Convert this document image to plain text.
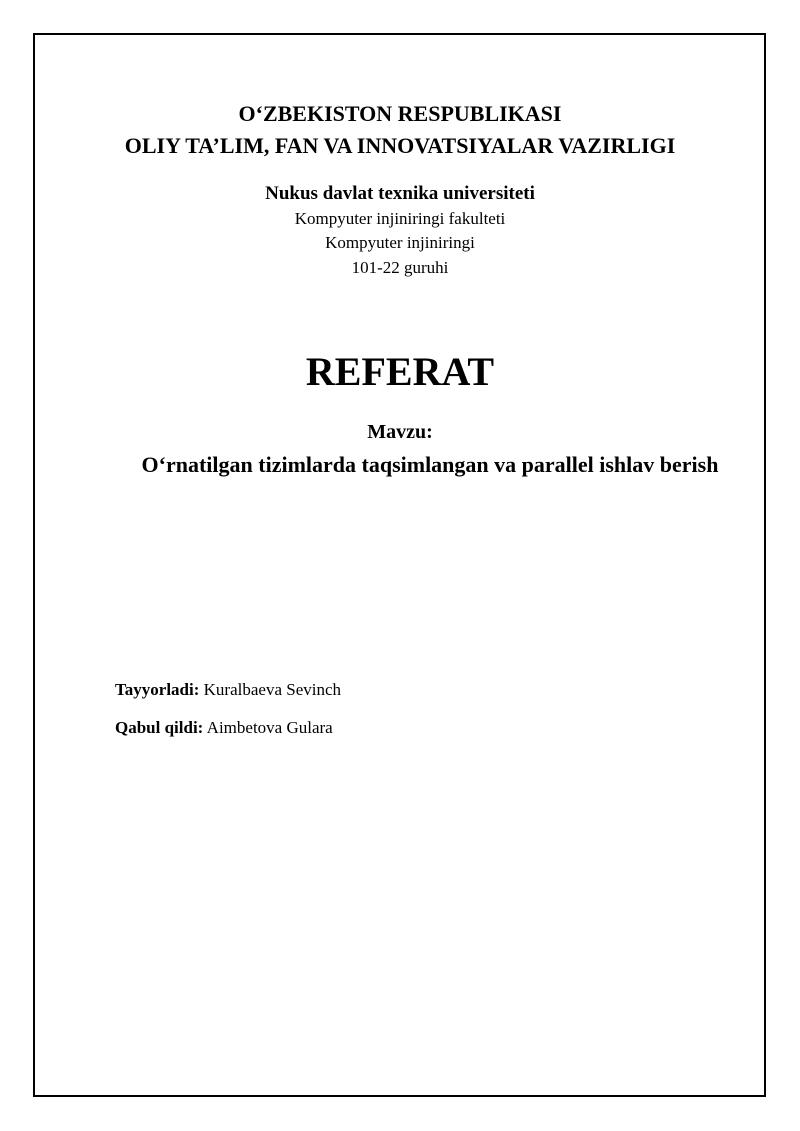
O‘ZBEKISTON RESPUBLIKASI
OLIY TA’LIM, FAN VA INNOVATSIYALAR VAZIRLIGI
Nukus davlat texnika universiteti
Kompyuter injiniringi fakulteti
Kompyuter injiniringi
101-22 guruhi
REFERAT
Mavzu:
O‘rnatilgan tizimlarda taqsimlangan va parallel ishlav berish
Tayyorladi: Kuralbaeva Sevinch
Qabul qildi: Aimbetova Gulara
